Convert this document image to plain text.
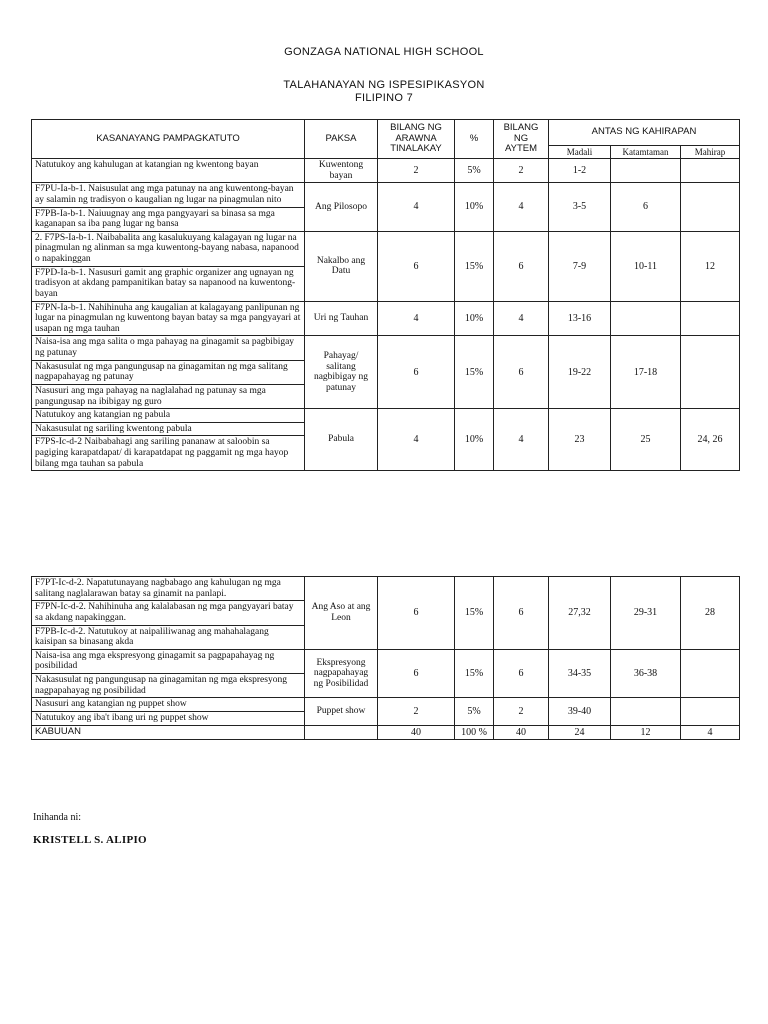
GONZAGA NATIONAL HIGH SCHOOL
TALAHANAYAN NG ISPESIPIKASYON
FILIPINO 7
KASANAYANG PAMPAGKATUTO	PAKSA	BILANG NG ARAWNA TINALAKAY	%	BILANG NG AYTEM	ANTAS NG KAHIRAPAN		
					Madali	Katamtaman	Mahirap
Natutukoy ang kahulugan at katangian ng kwentong bayan	Kuwentong bayan	2	5%	2	1-2		
F7PU-Ia-b-1. Naisusulat ang mga patunay na ang kuwentong-bayan ay salamin ng tradisyon o kaugalian ng lugar na pinagmulan nito	Ang Pilosopo	4	10%	4	3-5	6	
F7PB-Ia-b-1. Naiuugnay ang mga pangyayari sa binasa sa mga kaganapan sa iba pang lugar ng bansa							
2. F7PS-Ia-b-1. Naibabalita ang kasalukuyang kalagayan ng lugar na pinagmulan ng alinman sa mga kuwentong-bayang nabasa, napanood o napakinggan	Nakalbo ang Datu	6	15%	6	7-9	10-11	12
F7PD-Ia-b-1. Nasusuri gamit ang graphic organizer ang ugnayan ng tradisyon at akdang pampanitikan batay sa napanood na kuwentong-bayan							
F7PN-Ia-b-1. Nahihinuha ang kaugalian at kalagayang panlipunan ng lugar na pinagmulan ng kuwentong bayan batay sa mga pangyayari at usapan ng mga tauhan	Uri ng Tauhan	4	10%	4	13-16		
Naisa-isa ang mga salita o mga pahayag na ginagamit sa pagbibigay ng patunay	Pahayag/ salitang nagbibigay ng patunay	6	15%	6	19-22	17-18	
Nakasusulat ng mga pangungusap na ginagamitan ng mga salitang nagpapahayag ng patunay							
Nasusuri ang mga pahayag na naglalahad ng patunay sa mga pangungusap na ibibigay ng guro							
Natutukoy ang katangian ng pabula	Pabula	4	10%	4	23	25	24, 26
Nakasusulat ng sariling kwentong pabula							
F7PS-Ic-d-2 Naibabahagi ang sariling pananaw at saloobin sa pagiging karapatdapat/ di karapatdapat ng paggamit ng mga hayop bilang mga tauhan sa pabula							
F7PT-Ic-d-2. Napatutunayang nagbabago ang kahulugan ng mga salitang naglalarawan batay sa ginamit na panlapi.	Ang Aso at ang Leon	6	15%	6	27,32	29-31	28
F7PN-Ic-d-2. Nahihinuha ang kalalabasan ng mga pangyayari batay sa akdang napakinggan.							
F7PB-Ic-d-2. Natutukoy at naipaliliwanag ang mahahalagang kaisipan sa binasang akda							
Naisa-isa ang mga ekspresyong ginagamit sa pagpapahayag ng posibilidad	Ekspresyong nagpapahayag ng Posibilidad	6	15%	6	34-35	36-38	
Nakasusulat ng pangungusap na ginagamitan ng mga ekspresyong nagpapahayag ng posibilidad							
Nasusuri ang katangian ng puppet show	Puppet show	2	5%	2	39-40		
Natutukoy ang iba't ibang uri ng puppet show							
KABUUAN		40	100 %	40	24	12	4
Inihanda ni:
KRISTELL S. ALIPIO
